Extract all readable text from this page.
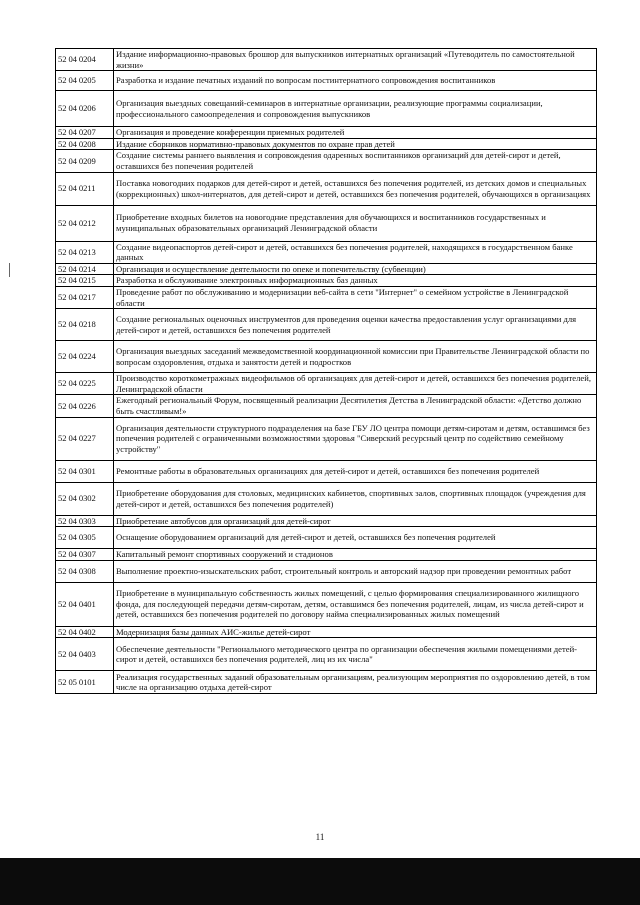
52 04 0204	Издание информационно-правовых брошюр для выпускников интернатных организаций «Путеводитель по самостоятельной жизни»
52 04 0205	Разработка и издание печатных изданий по вопросам постинтернатного сопровождения воспитанников
52 04 0206	Организация выездных совещаний-семинаров в интернатные организации, реализующие программы социализации, профессионального самоопределения и сопровождения выпускников
52 04 0207	Организация и проведение конференции приемных родителей
52 04 0208	Издание сборников нормативно-правовых документов по охране прав детей
52 04 0209	Создание системы раннего выявления и сопровождения одаренных воспитанников организаций для детей-сирот и детей, оставшихся без попечения родителей
52 04 0211	Поставка новогодних подарков для детей-сирот и детей, оставшихся без попечения родителей, из детских домов и специальных (коррекционных) школ-интернатов, для детей-сирот и детей, оставшихся без попечения родителей, обучающихся в организациях
52 04 0212	Приобретение входных билетов на новогодние представления для обучающихся и воспитанников государственных и муниципальных образовательных организаций Ленинградской области
52 04 0213	Создание видеопаспортов детей-сирот и детей, оставшихся без попечения родителей, находящихся в государственном банке данных
52 04 0214	Организация и осуществление деятельности по опеке и попечительству (субвенции)
52 04 0215	Разработка и обслуживание электронных информационных баз данных
52 04 0217	Проведение работ по обслуживанию и модернизации веб-сайта в сети "Интернет" о семейном устройстве в Ленинградской области
52 04 0218	Создание региональных оценочных инструментов для проведения оценки качества предоставления услуг организациями для детей-сирот и детей, оставшихся без попечения родителей
52 04 0224	Организация выездных заседаний межведомственной координационной комиссии при Правительстве Ленинградской области по вопросам оздоровления, отдыха и занятости детей и подростков
52 04 0225	Производство короткометражных видеофильмов об организациях для детей-сирот и детей, оставшихся без попечения родителей, Ленинградской области
52 04 0226	Ежегодный региональный Форум, посвященный реализации Десятилетия Детства в Ленинградской области: «Детство должно быть счастливым!»
52 04 0227	Организация деятельности структурного подразделения на базе ГБУ ЛО центра помощи детям-сиротам и детям, оставшимся без попечения родителей с ограниченными возможностями здоровья "Сиверский ресурсный центр по содействию семейному устройству"
52 04 0301	Ремонтные работы в образовательных организациях для детей-сирот и детей, оставшихся без попечения родителей
52 04 0302	Приобретение оборудования для столовых, медицинских кабинетов, спортивных залов, спортивных площадок (учреждения для детей-сирот и детей, оставшихся без попечения родителей)
52 04 0303	Приобретение автобусов для организаций для детей-сирот
52 04 0305	Оснащение оборудованием организаций для детей-сирот и детей, оставшихся без попечения родителей
52 04 0307	Капитальный ремонт спортивных сооружений и стадионов
52 04 0308	Выполнение проектно-изыскательских работ, строительный контроль и авторский надзор при проведении ремонтных работ
52 04 0401	Приобретение в муниципальную собственность жилых помещений, с целью формирования специализированного жилищного фонда, для последующей передачи детям-сиротам, детям, оставшимся без попечения родителей, лицам, из числа детей-сирот и детей, оставшихся без попечения родителей по договору найма специализированных жилых помещений
52 04 0402	Модернизация базы данных АИС-жилье детей-сирот
52 04 0403	Обеспечение деятельности "Регионального методического центра по организации обеспечения жилыми помещениями детей-сирот и детей, оставшихся без попечения родителей, лиц из их числа"
52 05 0101	Реализация государственных заданий образовательным организациям, реализующим мероприятия по оздоровлению детей, в том числе на организацию отдыха детей-сирот
11
